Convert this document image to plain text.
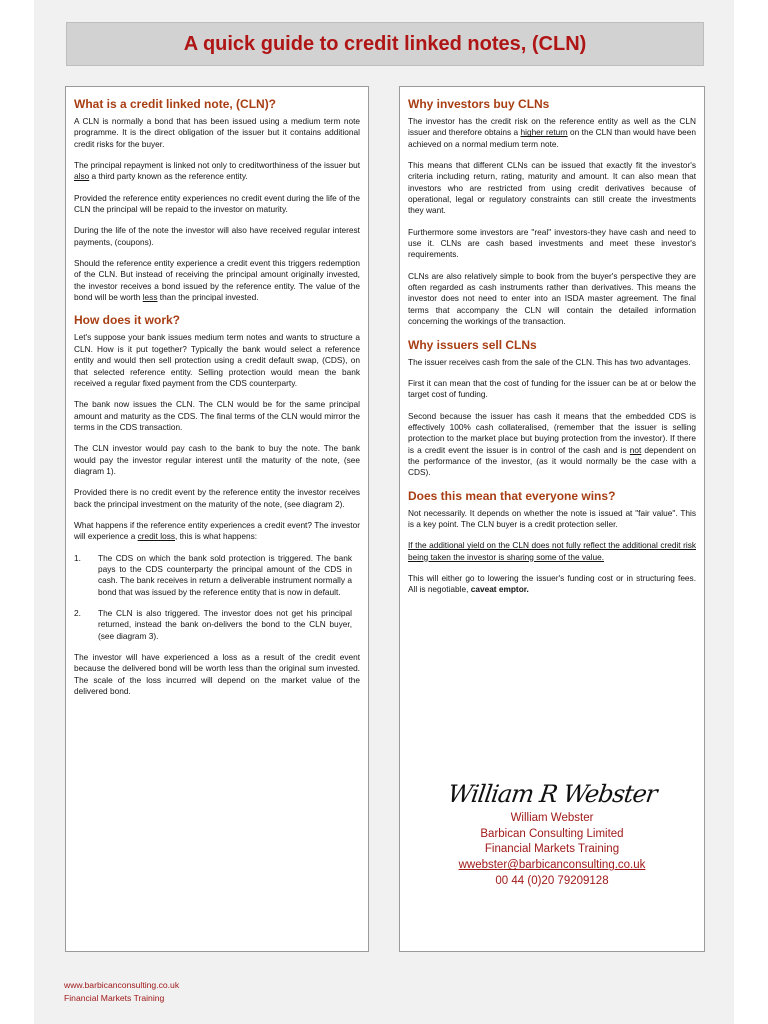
A quick guide to credit linked notes, (CLN)
What is a credit linked note, (CLN)?

A CLN is normally a bond that has been issued using a medium term note programme. It is the direct obligation of the issuer but it contains additional credit risks for the buyer.

The principal repayment is linked not only to creditworthiness of the issuer but also a third party known as the reference entity.

Provided the reference entity experiences no credit event during the life of the CLN the principal will be repaid to the investor on maturity.

During the life of the note the investor will also have received regular interest payments, (coupons).

Should the reference entity experience a credit event this triggers redemption of the CLN. But instead of receiving the principal amount originally invested, the investor receives a bond issued by the reference entity. The value of the bond will be worth less than the principal invested.

How does it work?

Let's suppose your bank issues medium term notes and wants to structure a CLN. How is it put together? Typically the bank would select a reference entity and would then sell protection using a credit default swap, (CDS), on that selected reference entity. Selling protection would mean the bank received a regular fixed payment from the CDS counterparty.

The bank now issues the CLN. The CLN would be for the same principal amount and maturity as the CDS. The final terms of the CLN would mirror the terms in the CDS transaction.

The CLN investor would pay cash to the bank to buy the note. The bank would pay the investor regular interest until the maturity of the note, (see diagram 1).

Provided there is no credit event by the reference entity the investor receives back the principal investment on the maturity of the note, (see diagram 2).

What happens if the reference entity experiences a credit event? The investor will experience a credit loss, this is what happens:

1.	The CDS on which the bank sold protection is triggered. The bank pays to the CDS counterparty the principal amount of the CDS in cash. The bank receives in return a deliverable instrument normally a bond that was issued by the reference entity that is now in default.
2.	The CLN is also triggered. The investor does not get his principal returned, instead the bank on-delivers the bond to the CLN buyer, (see diagram 3).

The investor will have experienced a loss as a result of the credit event because the delivered bond will be worth less than the original sum invested. The scale of the loss incurred will depend on the market value of the delivered bond.

Why investors buy CLNs

The investor has the credit risk on the reference entity as well as the CLN issuer and therefore obtains a higher return on the CLN than would have been achieved on a normal medium term note.

This means that different CLNs can be issued that exactly fit the investor's criteria including return, rating, maturity and amount. It can also mean that investors who are restricted from using credit derivatives because of operational, legal or regulatory constraints can still create the investments they want.

Furthermore some investors are "real" investors-they have cash and need to use it. CLNs are cash based investments and meet these investor's requirements.

CLNs are also relatively simple to book from the buyer's perspective they are often regarded as cash instruments rather than derivatives. This means the investor does not need to enter into an ISDA master agreement. The final terms that accompany the CLN will contain the detailed information concerning the workings of the transaction.

Why issuers sell CLNs

The issuer receives cash from the sale of the CLN. This has two advantages.

First it can mean that the cost of funding for the issuer can be at or below the target cost of funding.

Second because the issuer has cash it means that the embedded CDS is effectively 100% cash collateralised, (remember that the issuer is selling protection to the market place but buying protection from the investor). If there is a credit event the issuer is in control of the cash and is not dependent on the performance of the investor, (as it would normally be the case with a CDS).

Does this mean that everyone wins?

Not necessarily. It depends on whether the note is issued at "fair value". This is a key point. The CLN buyer is a credit protection seller.

If the additional yield on the CLN does not fully reflect the additional credit risk being taken the investor is sharing some of the value.

This will either go to lowering the issuer's funding cost or in structuring fees. All is negotiable, caveat emptor.

William R Webster
William Webster
Barbican Consulting Limited
Financial Markets Training
wwebster@barbicanconsulting.co.uk
00 44 (0)20 79209128
www.barbicanconsulting.co.uk
Financial Markets Training
